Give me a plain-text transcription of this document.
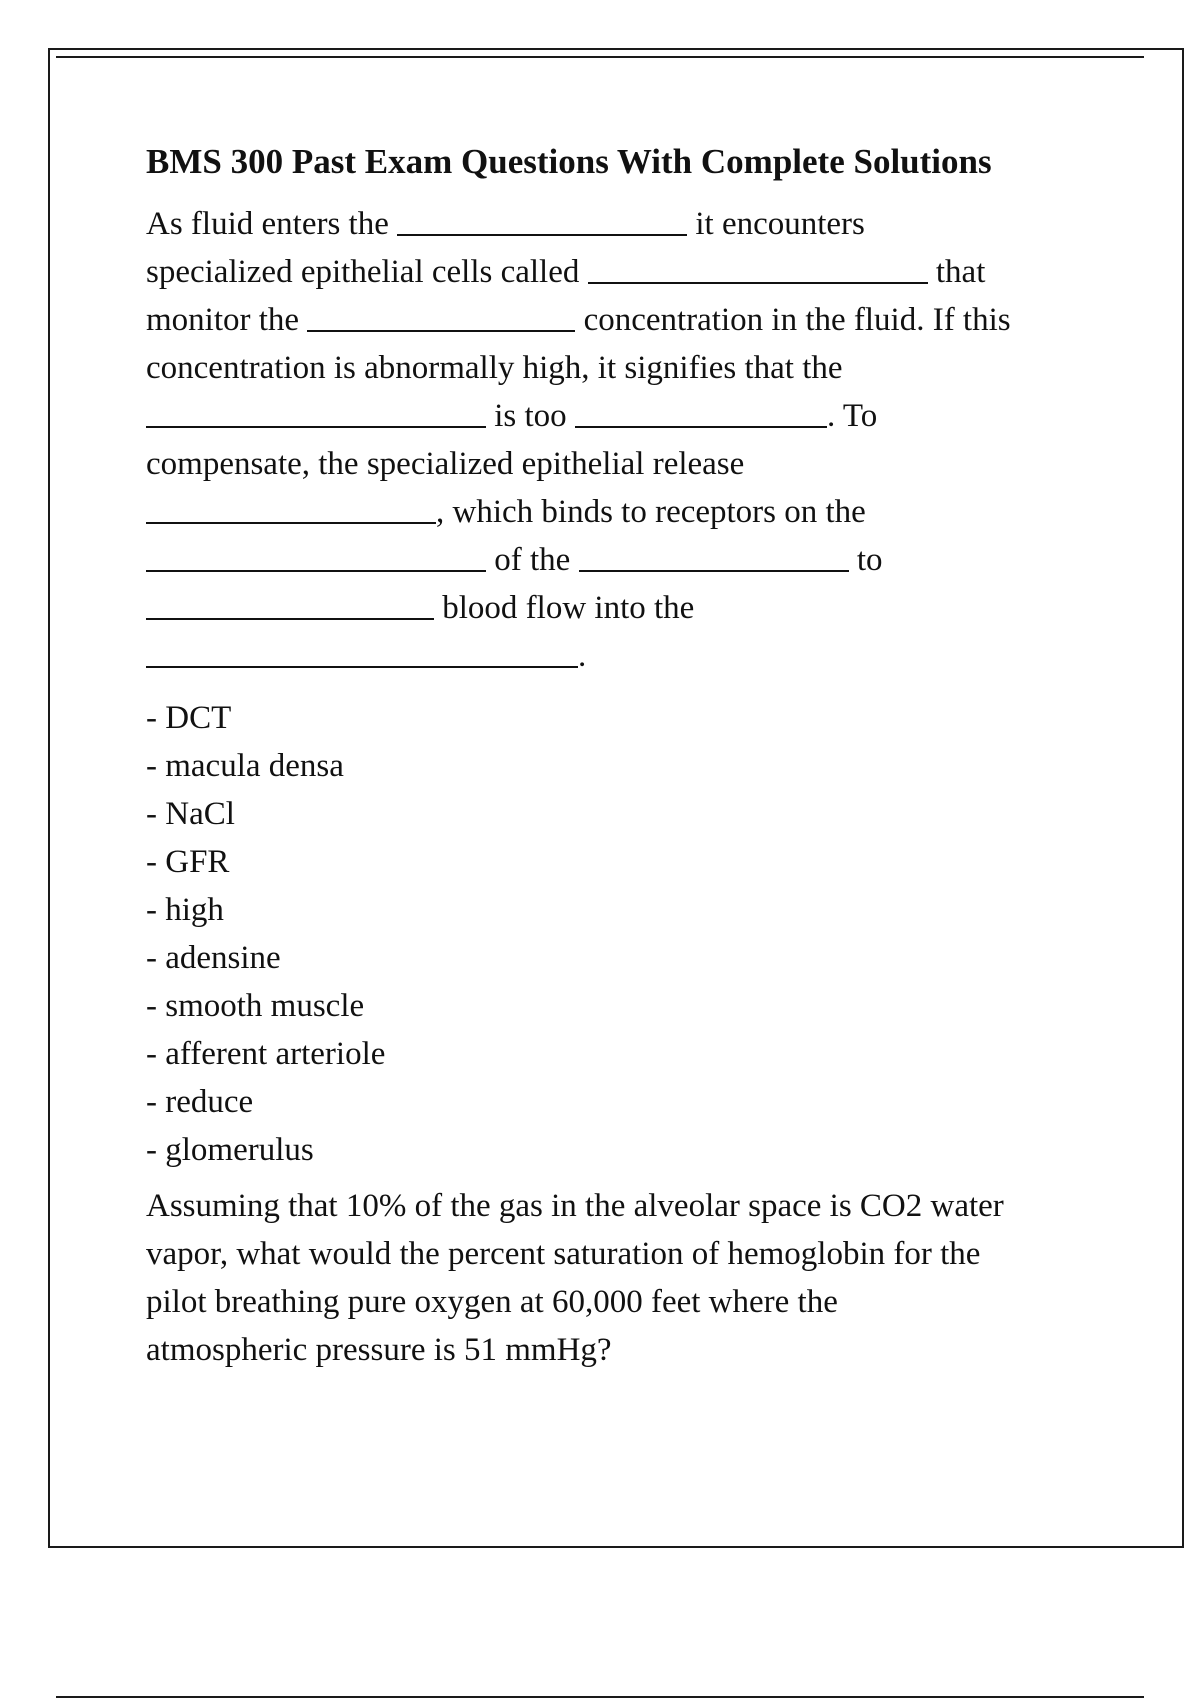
BMS 300 Past Exam Questions With Complete Solutions
As fluid enters the	it encounters
specialized epithelial cells called	that
monitor the	concentration in the fluid. If this
concentration is abnormally high, it signifies that the
is too	. To
compensate, the specialized epithelial release
, which binds to receptors on the
of the	to
blood flow into the
.
- DCT
- macula densa
- NaCl
- GFR
- high
- adensine
- smooth muscle
- afferent arteriole
- reduce
- glomerulus
Assuming that 10% of the gas in the alveolar space is CO2 water
vapor, what would the percent saturation of hemoglobin for the
pilot breathing pure oxygen at 60,000 feet where the
atmospheric pressure is 51 mmHg?
